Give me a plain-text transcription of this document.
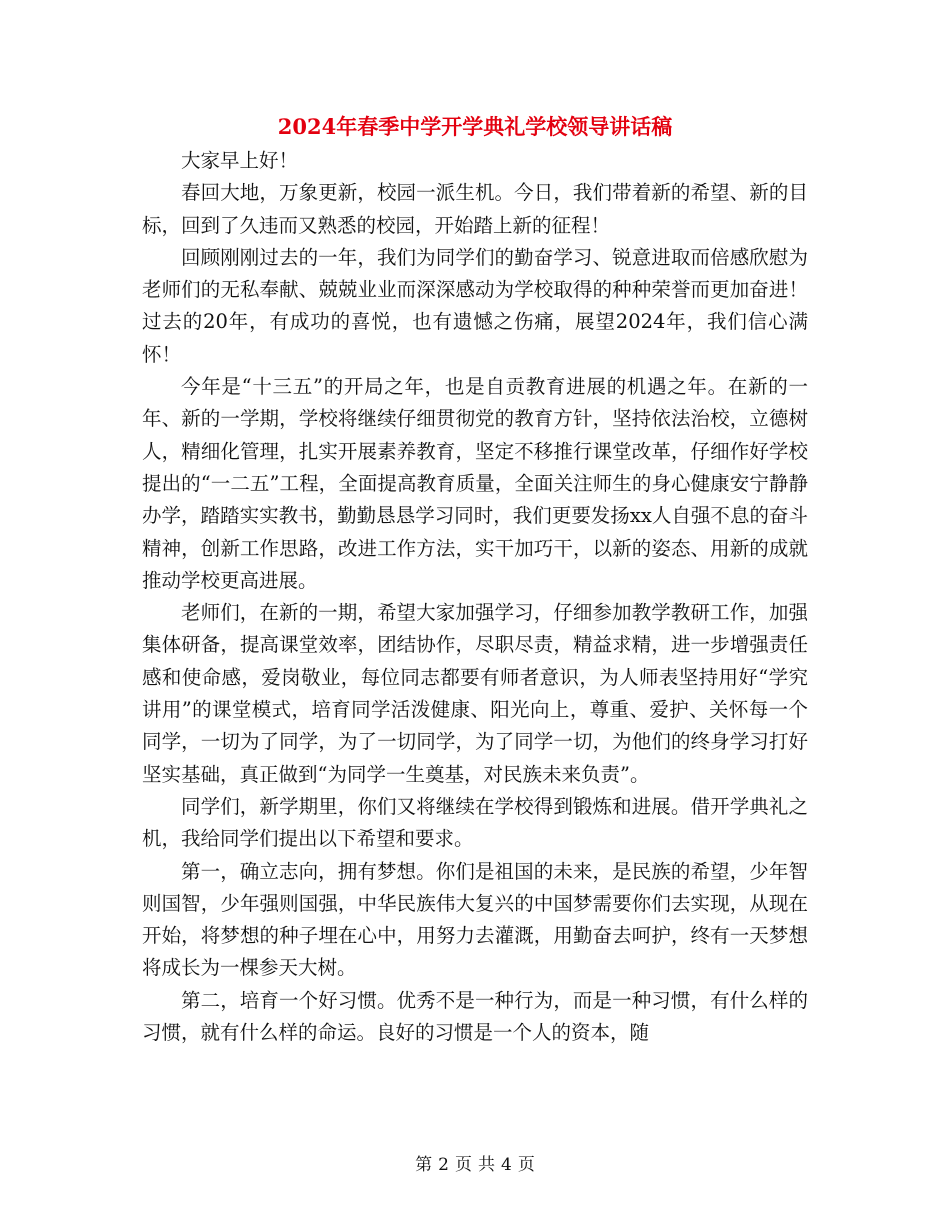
2024年春季中学开学典礼学校领导讲话稿

大家早上好！

春回大地，万象更新，校园一派生机。今日，我们带着新的希望、新的目标，回到了久违而又熟悉的校园，开始踏上新的征程！

回顾刚刚过去的一年，我们为同学们的勤奋学习、锐意进取而倍感欣慰为老师们的无私奉献、兢兢业业而深深感动为学校取得的种种荣誉而更加奋进！过去的20年，有成功的喜悦，也有遗憾之伤痛，展望2024年，我们信心满怀！

今年是“十三五”的开局之年，也是自贡教育进展的机遇之年。在新的一年、新的一学期，学校将继续仔细贯彻党的教育方针，坚持依法治校，立德树人，精细化管理，扎实开展素养教育，坚定不移推行课堂改革，仔细作好学校提出的“一二五”工程，全面提高教育质量，全面关注师生的身心健康安宁静静办学，踏踏实实教书，勤勤恳恳学习同时，我们更要发扬xx人自强不息的奋斗精神，创新工作思路，改进工作方法，实干加巧干，以新的姿态、用新的成就推动学校更高进展。

老师们，在新的一期，希望大家加强学习，仔细参加教学教研工作，加强集体研备，提高课堂效率，团结协作，尽职尽责，精益求精，进一步增强责任感和使命感，爱岗敬业，每位同志都要有师者意识，为人师表坚持用好“学究讲用”的课堂模式，培育同学活泼健康、阳光向上，尊重、爱护、关怀每一个同学，一切为了同学，为了一切同学，为了同学一切，为他们的终身学习打好坚实基础，真正做到“为同学一生奠基，对民族未来负责”。

同学们，新学期里，你们又将继续在学校得到锻炼和进展。借开学典礼之机，我给同学们提出以下希望和要求。

第一，确立志向，拥有梦想。你们是祖国的未来，是民族的希望，少年智则国智，少年强则国强，中华民族伟大复兴的中国梦需要你们去实现，从现在开始，将梦想的种子埋在心中，用努力去灌溉，用勤奋去呵护，终有一天梦想将成长为一棵参天大树。

第二，培育一个好习惯。优秀不是一种行为，而是一种习惯，有什么样的习惯，就有什么样的命运。良好的习惯是一个人的资本，随

第 2 页 共 4 页
